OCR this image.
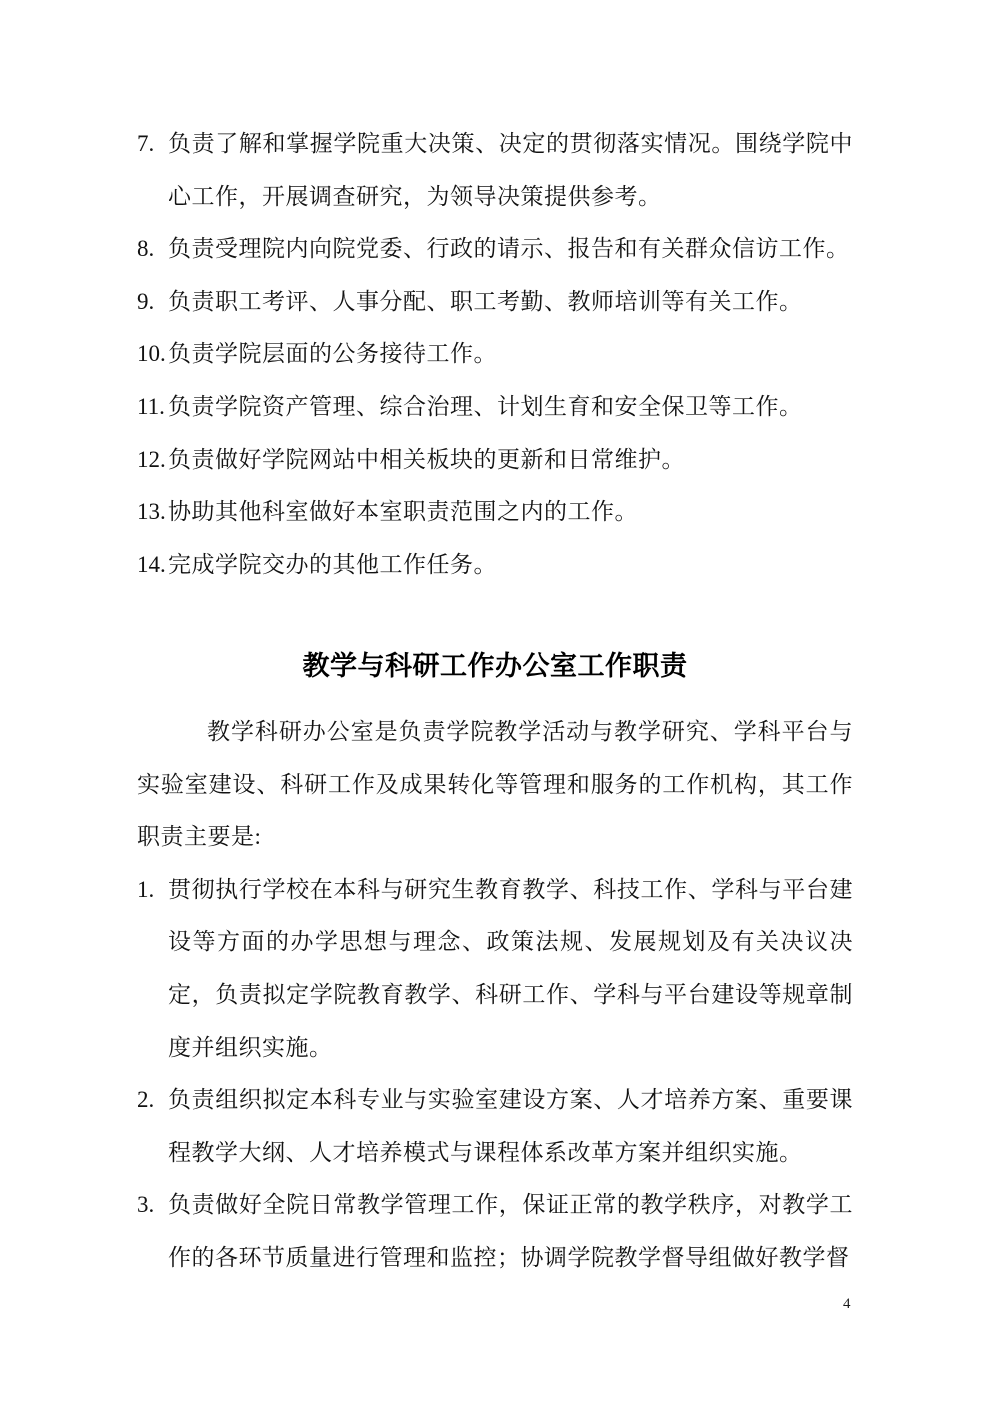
7. 负责了解和掌握学院重大决策、决定的贯彻落实情况。围绕学院中心工作，开展调查研究，为领导决策提供参考。
8. 负责受理院内向院党委、行政的请示、报告和有关群众信访工作。
9. 负责职工考评、人事分配、职工考勤、教师培训等有关工作。
10. 负责学院层面的公务接待工作。
11. 负责学院资产管理、综合治理、计划生育和安全保卫等工作。
12. 负责做好学院网站中相关板块的更新和日常维护。
13. 协助其他科室做好本室职责范围之内的工作。
14. 完成学院交办的其他工作任务。
教学与科研工作办公室工作职责

教学科研办公室是负责学院教学活动与教学研究、学科平台与实验室建设、科研工作及成果转化等管理和服务的工作机构，其工作职责主要是:

1. 贯彻执行学校在本科与研究生教育教学、科技工作、学科与平台建设等方面的办学思想与理念、政策法规、发展规划及有关决议决定，负责拟定学院教育教学、科研工作、学科与平台建设等规章制度并组织实施。
2. 负责组织拟定本科专业与实验室建设方案、人才培养方案、重要课程教学大纲、人才培养模式与课程体系改革方案并组织实施。
3. 负责做好全院日常教学管理工作，保证正常的教学秩序，对教学工作的各环节质量进行管理和监控；协调学院教学督导组做好教学督
4
